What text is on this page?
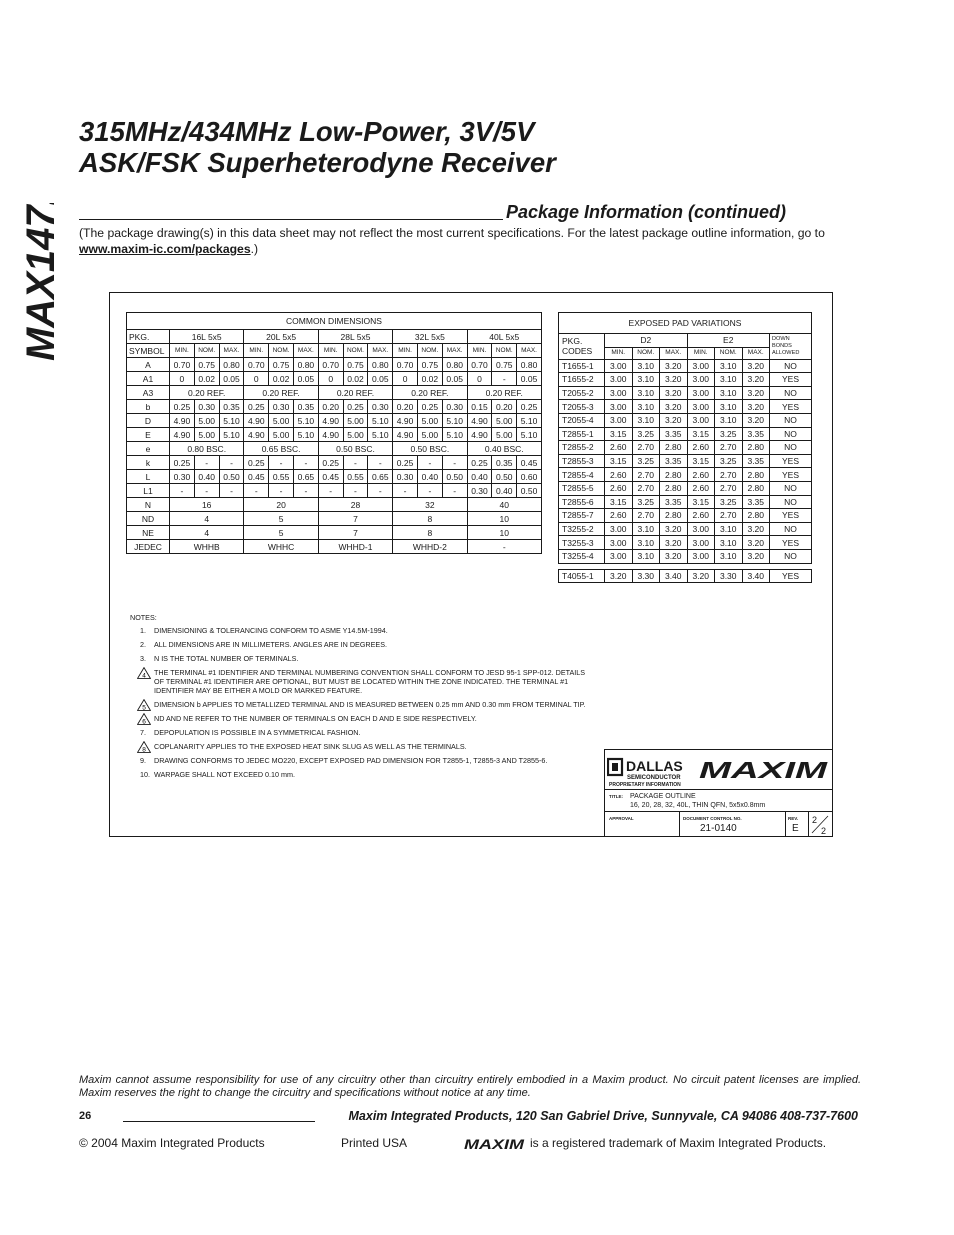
MAX1471
315MHz/434MHz Low-Power, 3V/5V
ASK/FSK Superheterodyne Receiver
Package Information (continued)
(The package drawing(s) in this data sheet may not reflect the most current specifications. For the latest package outline information, go to www.maxim-ic.com/packages.)
COMMON DIMENSIONS															
PKG.	16L 5x5			20L 5x5			28L 5x5			32L 5x5			40L 5x5		
SYMBOL	MIN.	NOM.	MAX.	MIN.	NOM.	MAX.	MIN.	NOM.	MAX.	MIN.	NOM.	MAX.	MIN.	NOM.	MAX.
A	0.70	0.75	0.80	0.70	0.75	0.80	0.70	0.75	0.80	0.70	0.75	0.80	0.70	0.75	0.80
A1	0	0.02	0.05	0	0.02	0.05	0	0.02	0.05	0	0.02	0.05	0	-	0.05
A3	0.20 REF.			0.20 REF.			0.20 REF.			0.20 REF.			0.20 REF.		
b	0.25	0.30	0.35	0.25	0.30	0.35	0.20	0.25	0.30	0.20	0.25	0.30	0.15	0.20	0.25
D	4.90	5.00	5.10	4.90	5.00	5.10	4.90	5.00	5.10	4.90	5.00	5.10	4.90	5.00	5.10
E	4.90	5.00	5.10	4.90	5.00	5.10	4.90	5.00	5.10	4.90	5.00	5.10	4.90	5.00	5.10
e	0.80 BSC.			0.65 BSC.			0.50 BSC.			0.50 BSC.			0.40 BSC.		
k	0.25	-	-	0.25	-	-	0.25	-	-	0.25	-	-	0.25	0.35	0.45
L	0.30	0.40	0.50	0.45	0.55	0.65	0.45	0.55	0.65	0.30	0.40	0.50	0.40	0.50	0.60
L1	-	-	-	-	-	-	-	-	-	-	-	-	0.30	0.40	0.50
N	16			20			28			32			40		
ND	4			5			7			8			10		
NE	4			5			7			8			10		
JEDEC	WHHB			WHHC			WHHD-1			WHHD-2			-		
EXPOSED PAD VARIATIONS							
PKG.
CODES	D2			E2			DOWN
BONDS
ALLOWED
	MIN.	NOM.	MAX.	MIN.	NOM.	MAX.	
T1655-1	3.00	3.10	3.20	3.00	3.10	3.20	NO
T1655-2	3.00	3.10	3.20	3.00	3.10	3.20	YES
T2055-2	3.00	3.10	3.20	3.00	3.10	3.20	NO
T2055-3	3.00	3.10	3.20	3.00	3.10	3.20	YES
T2055-4	3.00	3.10	3.20	3.00	3.10	3.20	NO
T2855-1	3.15	3.25	3.35	3.15	3.25	3.35	NO
T2855-2	2.60	2.70	2.80	2.60	2.70	2.80	NO
T2855-3	3.15	3.25	3.35	3.15	3.25	3.35	YES
T2855-4	2.60	2.70	2.80	2.60	2.70	2.80	YES
T2855-5	2.60	2.70	2.80	2.60	2.70	2.80	NO
T2855-6	3.15	3.25	3.35	3.15	3.25	3.35	NO
T2855-7	2.60	2.70	2.80	2.60	2.70	2.80	YES
T3255-2	3.00	3.10	3.20	3.00	3.10	3.20	NO
T3255-3	3.00	3.10	3.20	3.00	3.10	3.20	YES
T3255-4	3.00	3.10	3.20	3.00	3.10	3.20	NO

T4055-1	3.20	3.30	3.40	3.20	3.30	3.40	YES
NOTES:
1. DIMENSIONING & TOLERANCING CONFORM TO ASME Y14.5M-1994.
2. ALL DIMENSIONS ARE IN MILLIMETERS. ANGLES ARE IN DEGREES.
3. N IS THE TOTAL NUMBER OF TERMINALS.
4 THE TERMINAL #1 IDENTIFIER AND TERMINAL NUMBERING CONVENTION SHALL CONFORM TO JESD 95-1 SPP-012. DETAILS OF TERMINAL #1 IDENTIFIER ARE OPTIONAL, BUT MUST BE LOCATED WITHIN THE ZONE INDICATED. THE TERMINAL #1 IDENTIFIER MAY BE EITHER A MOLD OR MARKED FEATURE.
5 DIMENSION b APPLIES TO METALLIZED TERMINAL AND IS MEASURED BETWEEN 0.25 mm AND 0.30 mm FROM TERMINAL TIP.
6 ND AND NE REFER TO THE NUMBER OF TERMINALS ON EACH D AND E SIDE RESPECTIVELY.
7. DEPOPULATION IS POSSIBLE IN A SYMMETRICAL FASHION.
8 COPLANARITY APPLIES TO THE EXPOSED HEAT SINK SLUG AS WELL AS THE TERMINALS.
9. DRAWING CONFORMS TO JEDEC MO220, EXCEPT EXPOSED PAD DIMENSION FOR T2855-1, T2855-3 AND T2855-6.
10. WARPAGE SHALL NOT EXCEED 0.10 mm.
DALLAS
SEMICONDUCTOR MAXIM
PROPRIETARY INFORMATION
TITLE: PACKAGE OUTLINE
16, 20, 28, 32, 40L, THIN QFN, 5x5x0.8mm
APPROVAL	DOCUMENT CONTROL NO.
21-0140
REV.
E
2
2
Maxim cannot assume responsibility for use of any circuitry other than circuitry entirely embodied in a Maxim product. No circuit patent licenses are implied. Maxim reserves the right to change the circuitry and specifications without notice at any time.
26	Maxim Integrated Products, 120 San Gabriel Drive, Sunnyvale, CA 94086 408-737-7600
© 2004 Maxim Integrated Products	Printed USA	MAXIM is a registered trademark of Maxim Integrated Products.
